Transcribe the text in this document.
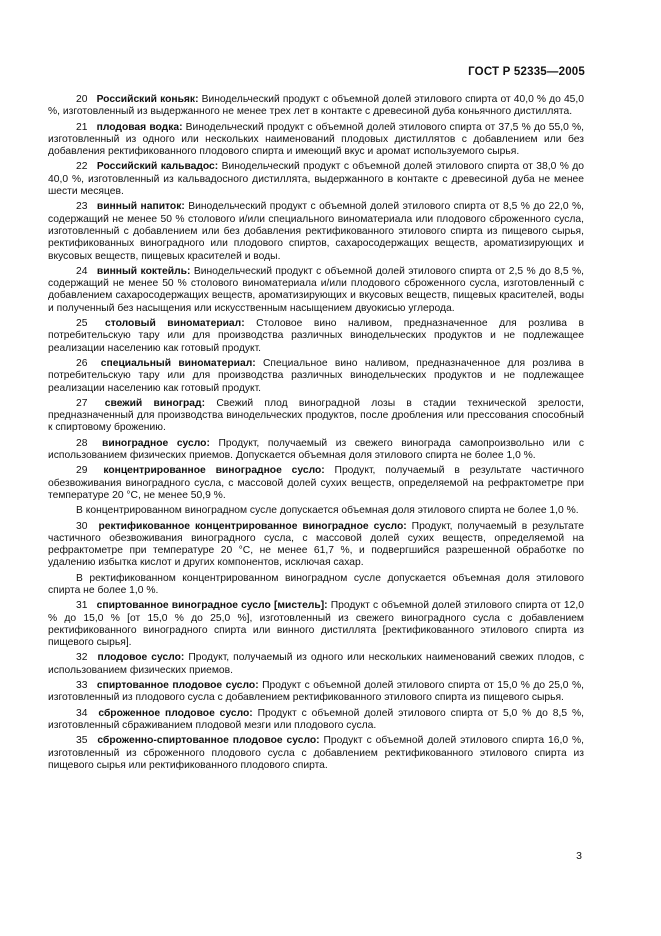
ГОСТ Р 52335—2005

20 Российский коньяк: Винодельческий продукт с объемной долей этилового спирта от 40,0 % до 45,0 %, изготовленный из выдержанного не менее трех лет в контакте с древесиной дуба коньячного дистиллята.

21 плодовая водка: Винодельческий продукт с объемной долей этилового спирта от 37,5 % до 55,0 %, изготовленный из одного или нескольких наименований плодовых дистиллятов с добавлением или без добавления ректификованного плодового спирта и имеющий вкус и аромат используемого сырья.

22 Российский кальвадос: Винодельческий продукт с объемной долей этилового спирта от 38,0 % до 40,0 %, изготовленный из кальвадосного дистиллята, выдержанного в контакте с древесиной дуба не менее шести месяцев.

23 винный напиток: Винодельческий продукт с объемной долей этилового спирта от 8,5 % до 22,0 %, содержащий не менее 50 % столового и/или специального виноматериала или плодового сброженного сусла, изготовленный с добавлением или без добавления ректификованного этилового спирта из пищевого сырья, ректификованных виноградного или плодового спиртов, сахаросодержащих веществ, ароматизирующих и вкусовых веществ, пищевых красителей и воды.

24 винный коктейль: Винодельческий продукт с объемной долей этилового спирта от 2,5 % до 8,5 %, содержащий не менее 50 % столового виноматериала и/или плодового сброженного сусла, изготовленный с добавлением сахаросодержащих веществ, ароматизирующих и вкусовых веществ, пищевых красителей, воды и полученный без насыщения или искусственным насыщением двуокисью углерода.

25 столовый виноматериал: Столовое вино наливом, предназначенное для розлива в потребительскую тару или для производства различных винодельческих продуктов и не подлежащее реализации населению как готовый продукт.

26 специальный виноматериал: Специальное вино наливом, предназначенное для розлива в потребительскую тару или для производства различных винодельческих продуктов и не подлежащее реализации населению как готовый продукт.

27 свежий виноград: Свежий плод виноградной лозы в стадии технической зрелости, предназначенный для производства винодельческих продуктов, после дробления или прессования способный к спиртовому брожению.

28 виноградное сусло: Продукт, получаемый из свежего винограда самопроизвольно или с использованием физических приемов. Допускается объемная доля этилового спирта не более 1,0 %.

29 концентрированное виноградное сусло: Продукт, получаемый в результате частичного обезвоживания виноградного сусла, с массовой долей сухих веществ, определяемой на рефрактометре при температуре 20 °С, не менее 50,9 %.

В концентрированном виноградном сусле допускается объемная доля этилового спирта не более 1,0 %.

30 ректификованное концентрированное виноградное сусло: Продукт, получаемый в результате частичного обезвоживания виноградного сусла, с массовой долей сухих веществ, определяемой на рефрактометре при температуре 20 °С, не менее 61,7 %, и подвергшийся разрешенной обработке по удалению избытка кислот и других компонентов, исключая сахар.

В ректификованном концентрированном виноградном сусле допускается объемная доля этилового спирта не более 1,0 %.

31 спиртованное виноградное сусло [мистель]: Продукт с объемной долей этилового спирта от 12,0 % до 15,0 % [от 15,0 % до 25,0 %], изготовленный из свежего виноградного сусла с добавлением ректификованного виноградного спирта или винного дистиллята [ректификованного этилового спирта из пищевого сырья].

32 плодовое сусло: Продукт, получаемый из одного или нескольких наименований свежих плодов, с использованием физических приемов.

33 спиртованное плодовое сусло: Продукт с объемной долей этилового спирта от 15,0 % до 25,0 %, изготовленный из плодового сусла с добавлением ректификованного этилового спирта из пищевого сырья.

34 сброженное плодовое сусло: Продукт с объемной долей этилового спирта от 5,0 % до 8,5 %, изготовленный сбраживанием плодовой мезги или плодового сусла.

35 сброженно-спиртованное плодовое сусло: Продукт с объемной долей этилового спирта 16,0 %, изготовленный из сброженного плодового сусла с добавлением ректификованного этилового спирта из пищевого сырья или ректификованного плодового спирта.

3
